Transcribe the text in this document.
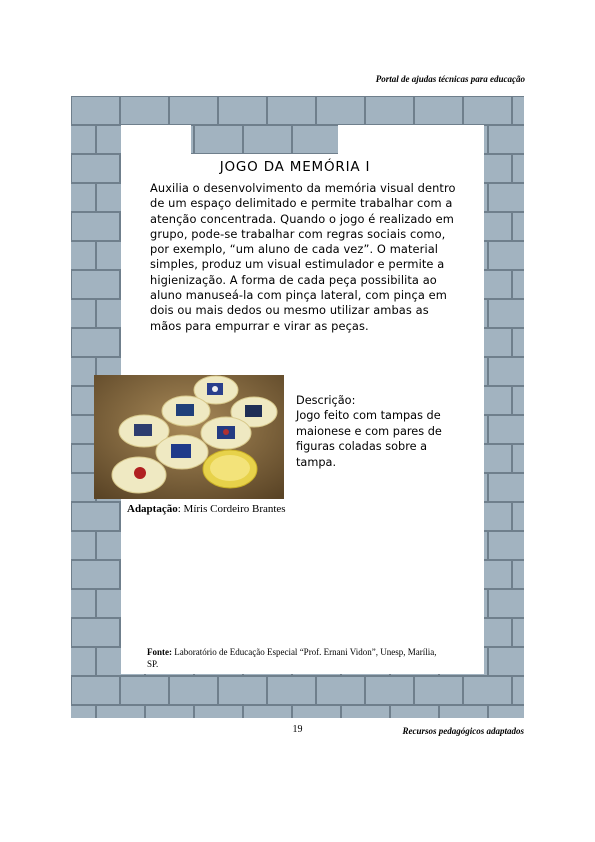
Portal de ajudas técnicas para educação
JOGO DA MEMÓRIA I
Auxilia o desenvolvimento da memória visual dentro de um espaço delimitado e permite trabalhar com a atenção concentrada. Quando o jogo é realizado em grupo, pode-se trabalhar com regras sociais como, por exemplo, “um aluno de cada vez”. O material simples, produz um visual estimulador e permite a higienização. A forma de cada peça possibilita ao aluno manuseá-la com pinça lateral, com pinça em dois ou mais dedos ou mesmo utilizar ambas as mãos para empurrar e virar as peças.
Descrição:
Jogo feito com tampas de maionese e com pares de figuras coladas sobre a tampa.
Adaptação: Míris Cordeiro Brantes
Fonte: Laboratório de Educação Especial “Prof. Ernani Vidon”, Unesp, Marília, SP.
19	Recursos pedagógicos adaptados
